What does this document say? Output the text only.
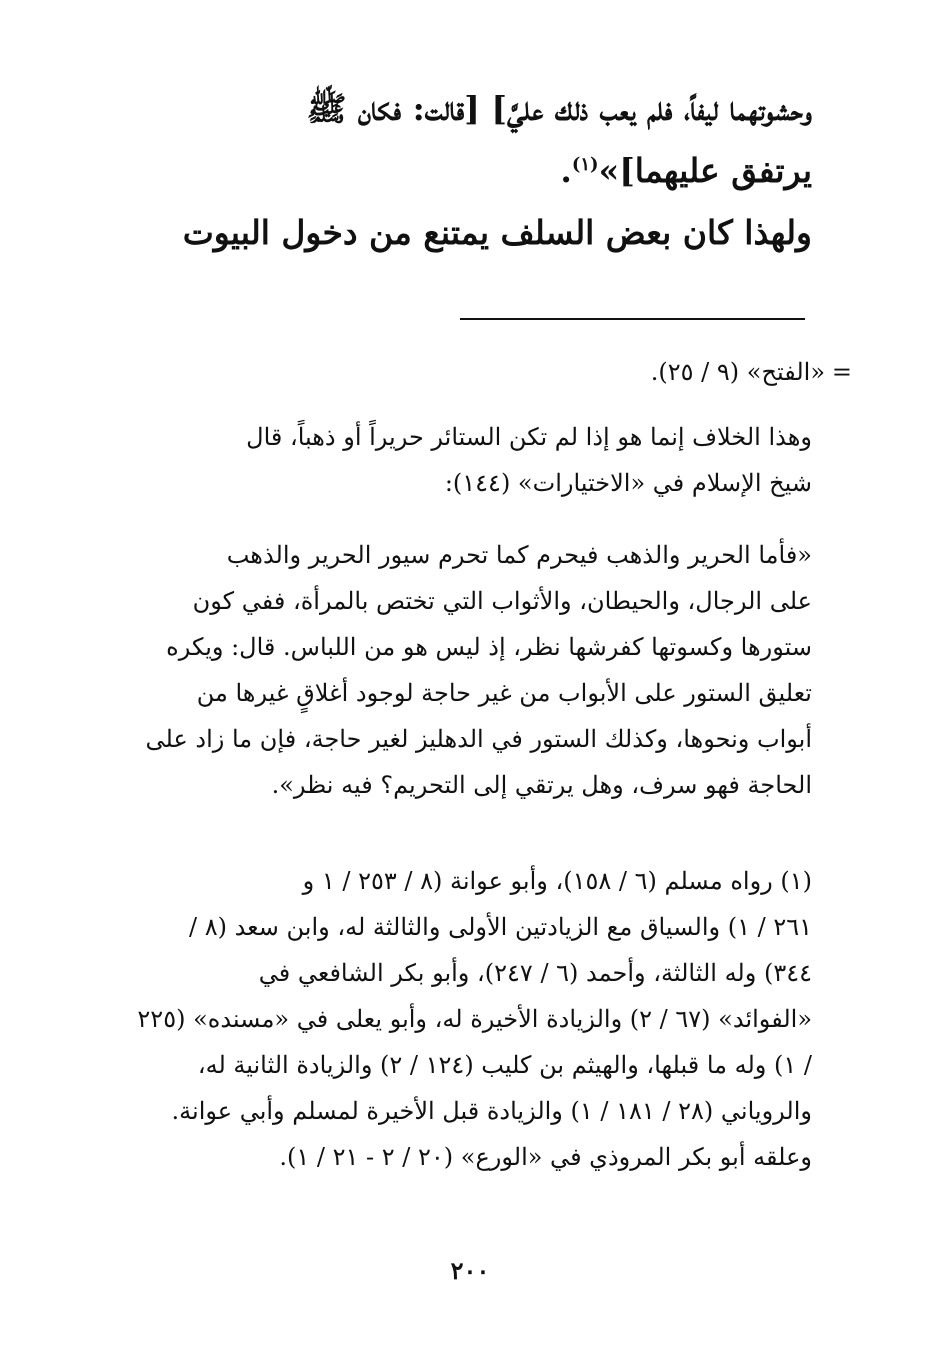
وحشوتهما ليفاً، فلم يعب ذلك عليَّ] [قالت: فكان ﷺ
يرتفق عليهما]»$^{(١)}$.
ولهذا كان بعض السلف يمتنع من دخول البيوت
=
«الفتح» (٩ / ٢٥).
وهذا الخلاف إنما هو إذا لم تكن الستائر حريراً أو ذهباً، قال
شيخ الإسلام في «الاختيارات» (١٤٤):
«فأما الحرير والذهب فيحرم كما تحرم سيور الحرير والذهب
على الرجال، والحيطان، والأثواب التي تختص بالمرأة، ففي كون
ستورها وكسوتها كفرشها نظر، إذ ليس هو من اللباس. قال: ويكره
تعليق الستور على الأبواب من غير حاجة لوجود أغلاقٍ غيرها من
أبواب ونحوها، وكذلك الستور في الدهليز لغير حاجة، فإن ما زاد على
الحاجة فهو سرف، وهل يرتقي إلى التحريم؟ فيه نظر».
(١) رواه مسلم (٦ / ١٥٨)، وأبو عوانة (٨ / ٢٥٣ / ١ و
٢٦١ / ١) والسياق مع الزيادتين الأولى والثالثة له، وابن سعد (٨ /
٣٤٤) وله الثالثة، وأحمد (٦ / ٢٤٧)، وأبو بكر الشافعي في
«الفوائد» (٦٧ / ٢) والزيادة الأخيرة له، وأبو يعلى في «مسنده» (٢٢٥
/ ١) وله ما قبلها، والهيثم بن كليب (١٢٤ / ٢) والزيادة الثانية له،
والروياني (٢٨ / ١٨١ / ١) والزيادة قبل الأخيرة لمسلم وأبي عوانة.
وعلقه أبو بكر المروذي في «الورع» (٢٠ / ٢ - ٢١ / ١).
٢٠٠
